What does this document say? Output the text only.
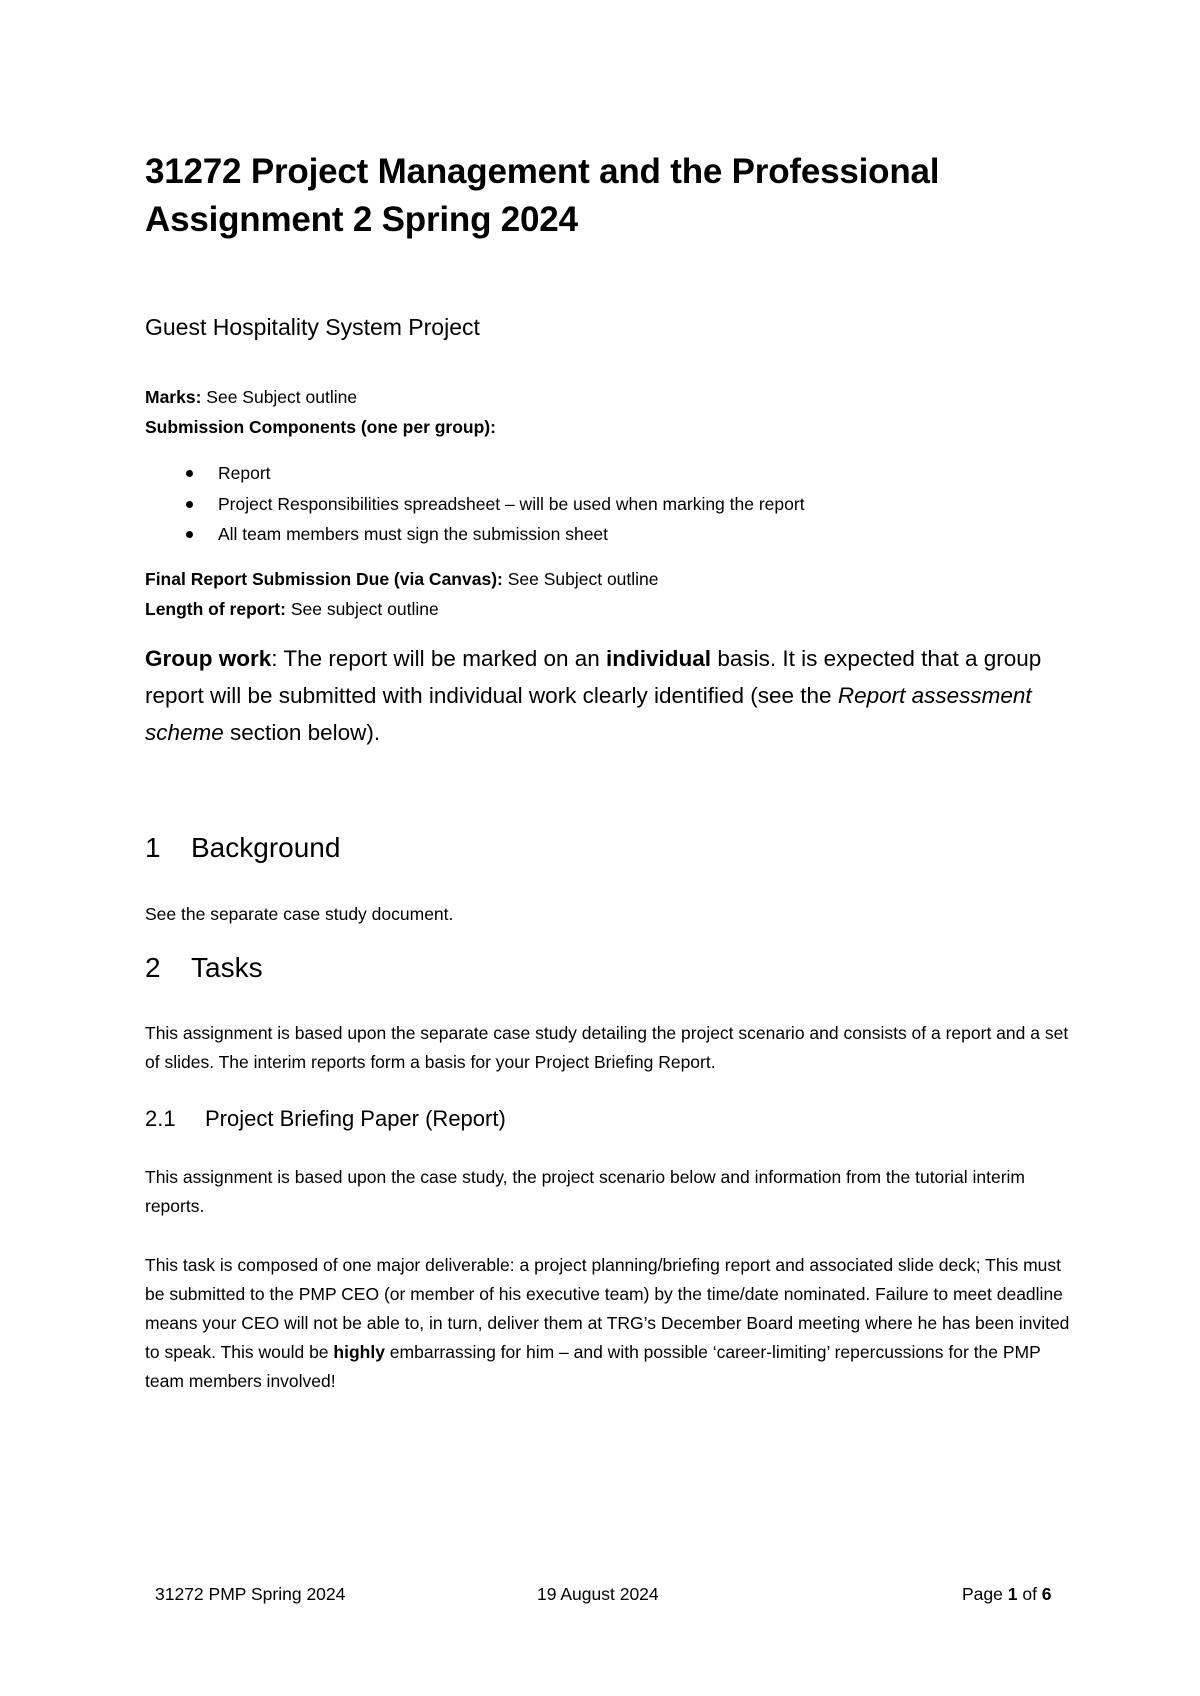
31272 Project Management and the Professional
Assignment 2 Spring 2024

Guest Hospitality System Project

Marks: See Subject outline

Submission Components (one per group):

Report
Project Responsibilities spreadsheet – will be used when marking the report
All team members must sign the submission sheet

Final Report Submission Due (via Canvas): See Subject outline

Length of report: See subject outline

Group work: The report will be marked on an individual basis. It is expected that a group report will be submitted with individual work clearly identified (see the Report assessment scheme section below).

1 Background

See the separate case study document.

2 Tasks

This assignment is based upon the separate case study detailing the project scenario and consists of a report and a set of slides. The interim reports form a basis for your Project Briefing Report.

2.1 Project Briefing Paper (Report)

This assignment is based upon the case study, the project scenario below and information from the tutorial interim reports.

This task is composed of one major deliverable: a project planning/briefing report and associated slide deck; This must be submitted to the PMP CEO (or member of his executive team) by the time/date nominated. Failure to meet deadline means your CEO will not be able to, in turn, deliver them at TRG’s December Board meeting where he has been invited to speak. This would be highly embarrassing for him – and with possible ‘career-limiting’ repercussions for the PMP team members involved!

31272 PMP Spring 2024	19 August 2024	Page 1 of 6
